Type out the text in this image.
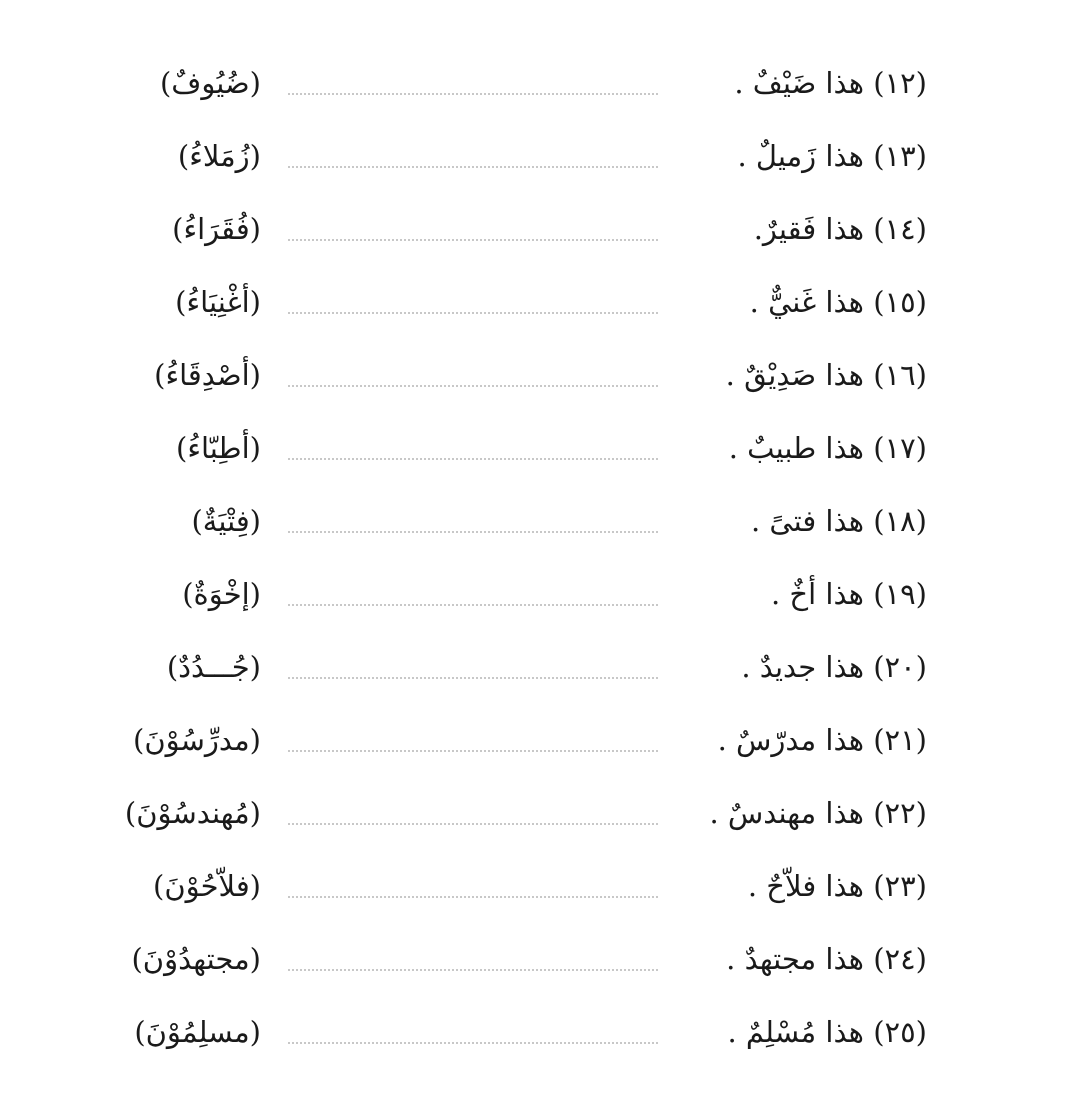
(١٢) هذا ضَيْفٌ .
(ضُيُوفٌ)
(١٣) هذا زَميلٌ .
(زُمَلاءُ)
(١٤) هذا فَقيرٌ.
(فُقَرَاءُ)
(١٥) هذا غَنيٌّ .
(أغْنِيَاءُ)
(١٦) هذا صَدِيْقٌ .
(أصْدِقَاءُ)
(١٧) هذا طبيبٌ .
(أطِبّاءُ)
(١٨) هذا فتىً .
(فِتْيَةٌ)
(١٩) هذا أخٌ .
(إخْوَةٌ)
(٢٠) هذا جديدٌ .
(جُـــدُدٌ)
(٢١) هذا مدرّسٌ .
(مدرِّسُوْنَ)
(٢٢) هذا مهندسٌ .
(مُهندسُوْنَ)
(٢٣) هذا فلاّحٌ .
(فلاّحُوْنَ)
(٢٤) هذا مجتهدٌ .
(مجتهدُوْنَ)
(٢٥) هذا مُسْلِمٌ .
(مسلِمُوْنَ)
